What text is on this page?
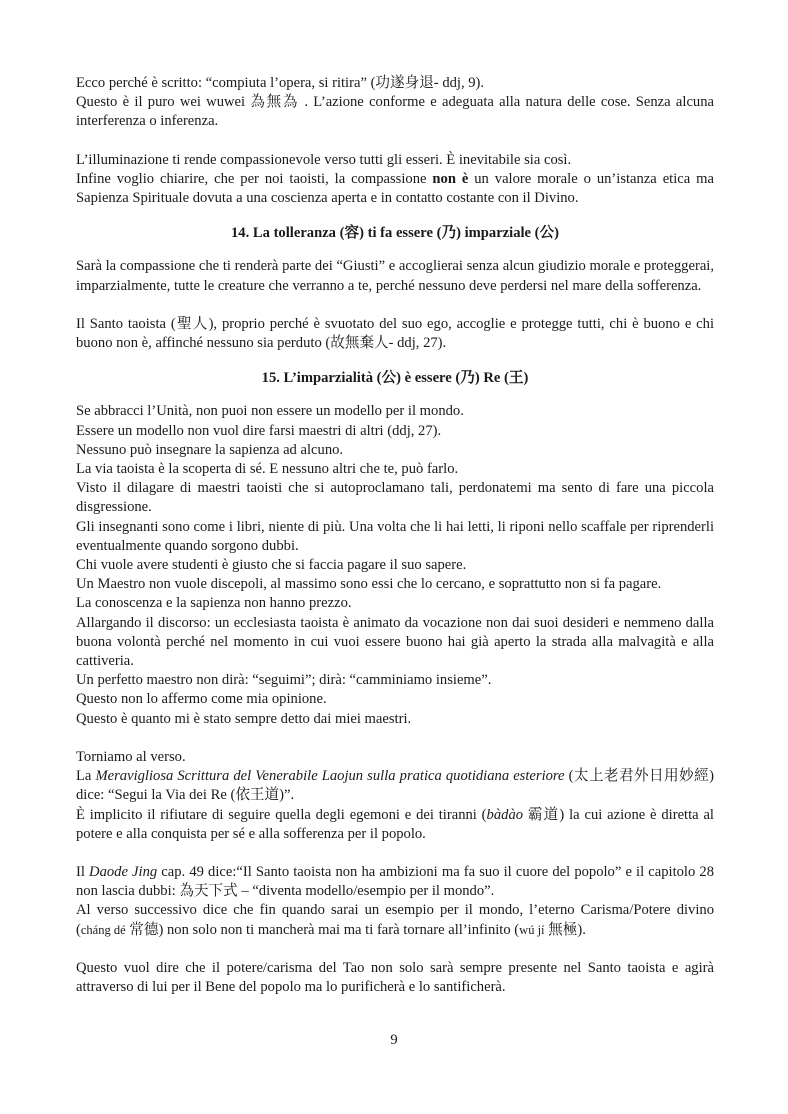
Ecco perché è scritto: “compiuta l’opera, si ritira” (功遂身退- ddj, 9).

Questo è il puro wei wuwei 為無為 . L’azione conforme e adeguata alla natura delle cose. Senza alcuna interferenza o inferenza.

L’illuminazione ti rende compassionevole verso tutti gli esseri. È inevitabile sia così.

Infine voglio chiarire, che per noi taoisti, la compassione non è un valore morale o un’istanza etica ma Sapienza Spirituale dovuta a una coscienza aperta e in contatto costante con il Divino.

14. La tolleranza (容) ti fa essere (乃) imparziale (公)

Sarà la compassione che ti renderà parte dei “Giusti” e accoglierai senza alcun giudizio morale e proteggerai, imparzialmente, tutte le creature che verranno a te, perché nessuno deve perdersi nel mare della sofferenza.

Il Santo taoista (聖人), proprio perché è svuotato del suo ego, accoglie e protegge tutti, chi è buono e chi buono non è, affinché nessuno sia perduto (故無棄人- ddj, 27).

15. L’imparzialità (公) è essere (乃) Re (王)

Se abbracci l’Unità, non puoi non essere un modello per il mondo.

Essere un modello non vuol dire farsi maestri di altri (ddj, 27).

Nessuno può insegnare la sapienza ad alcuno.

La via taoista è la scoperta di sé. E nessuno altri che te, può farlo.

Visto il dilagare di maestri taoisti che si autoproclamano tali, perdonatemi ma sento di fare una piccola disgressione.

Gli insegnanti sono come i libri, niente di più. Una volta che li hai letti, li riponi nello scaffale per riprenderli eventualmente quando sorgono dubbi.

Chi vuole avere studenti è giusto che si faccia pagare il suo sapere.

Un Maestro non vuole discepoli, al massimo sono essi che lo cercano, e soprattutto non si fa pagare.

La conoscenza e la sapienza non hanno prezzo.

Allargando il discorso: un ecclesiasta taoista è animato da vocazione non dai suoi desideri e nemmeno dalla buona volontà perché nel momento in cui vuoi essere buono hai già aperto la strada alla malvagità e alla cattiveria.

Un perfetto maestro non dirà: “seguimi”; dirà: “camminiamo insieme”.

Questo non lo affermo come mia opinione.

Questo è quanto mi è stato sempre detto dai miei maestri.

Torniamo al verso.

La Meravigliosa Scrittura del Venerabile Laojun sulla pratica quotidiana esteriore (太上老君外日用妙經) dice: “Segui la Via dei Re (依王道)”.

È implicito il rifiutare di seguire quella degli egemoni e dei tiranni (bàdào 霸道) la cui azione è diretta al potere e alla conquista per sé e alla sofferenza per il popolo.

Il Daode Jing cap. 49 dice:“Il Santo taoista non ha ambizioni ma fa suo il cuore del popolo” e il capitolo 28 non lascia dubbi: 為天下式 – “diventa modello/esempio per il mondo”.

Al verso successivo dice che fin quando sarai un esempio per il mondo, l’eterno Carisma/Potere divino (cháng dé 常德) non solo non ti mancherà mai ma ti farà tornare all’infinito (wú jí 無極).

Questo vuol dire che il potere/carisma del Tao non solo sarà sempre presente nel Santo taoista e agirà attraverso di lui per il Bene del popolo ma lo purificherà e lo santificherà.

9
